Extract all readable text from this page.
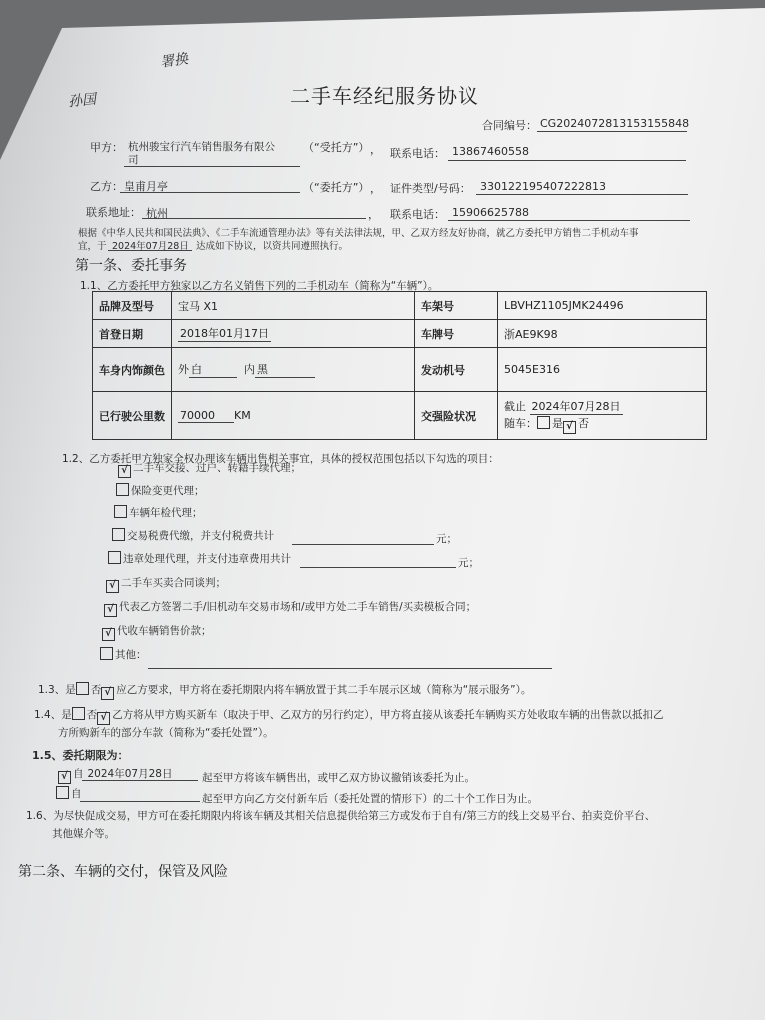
署换
孙国	二手车经纪服务协议
合同编号： CG2024072813153155848
甲方： 杭州骏宝行汽车销售服务有限公
司
（“受托方”） ， 联系电话： 13867460558
乙方： 皇甫月亭	（“委托方”） ， 证件类型/号码： 330122195407222813
联系地址： 杭州	， 联系电话： 15906625788
根据《中华人民共和国民法典》、《二手车流通管理办法》等有关法律法规，甲、乙双方经友好协商，就乙方委托甲方销售二手机动车事
宜，于 2024年07月28日 达成如下协议，以资共同遵照执行。
第一条、委托事务
1.1、乙方委托甲方独家以乙方名义销售下列的二手机动车（简称为“车辆”）。
品牌及型号	宝马 X1	车架号	LBVHZ1105JMK24496
首登日期	2018年01月17日	车牌号	浙AE9K98
车身内饰颜色	外 白 内 黑	发动机号	5045E316
已行驶公里数	70000 KM	交强险状况	截止 2024年07月28日
随车： 是 √ 否
1.2、乙方委托甲方独家全权办理该车辆出售相关事宜，具体的授权范围包括以下勾选的项目：
√ 二手车交接、过户、转籍手续代理；
保险变更代理；
车辆年检代理；
交易税费代缴，并支付税费共计	元；
违章处理代理，并支付违章费用共计	元；
√ 二手车买卖合同谈判；
√ 代表乙方签署二手/旧机动车交易市场和/或甲方处二手车销售/买卖模板合同；
√ 代收车辆销售价款；
其他：
1.3、是 否 √ 应乙方要求，甲方将在委托期限内将车辆放置于其二手车展示区域（简称为“展示服务”）。
1.4、是 否 √ 乙方将从甲方购买新车（取决于甲、乙双方的另行约定），甲方将直接从该委托车辆购买方处收取车辆的出售款以抵扣乙
方所购新车的部分车款（简称为“委托处置”）。
1.5、委托期限为：
√ 自 2024年07月28日	起至甲方将该车辆售出，或甲乙双方协议撤销该委托为止。
自	起至甲方向乙方交付新车后（委托处置的情形下）的二十个工作日为止。
1.6、为尽快促成交易，甲方可在委托期限内将该车辆及其相关信息提供给第三方或发布于自有/第三方的线上交易平台、拍卖竞价平台、
其他媒介等。
第二条、车辆的交付，保管及风险
